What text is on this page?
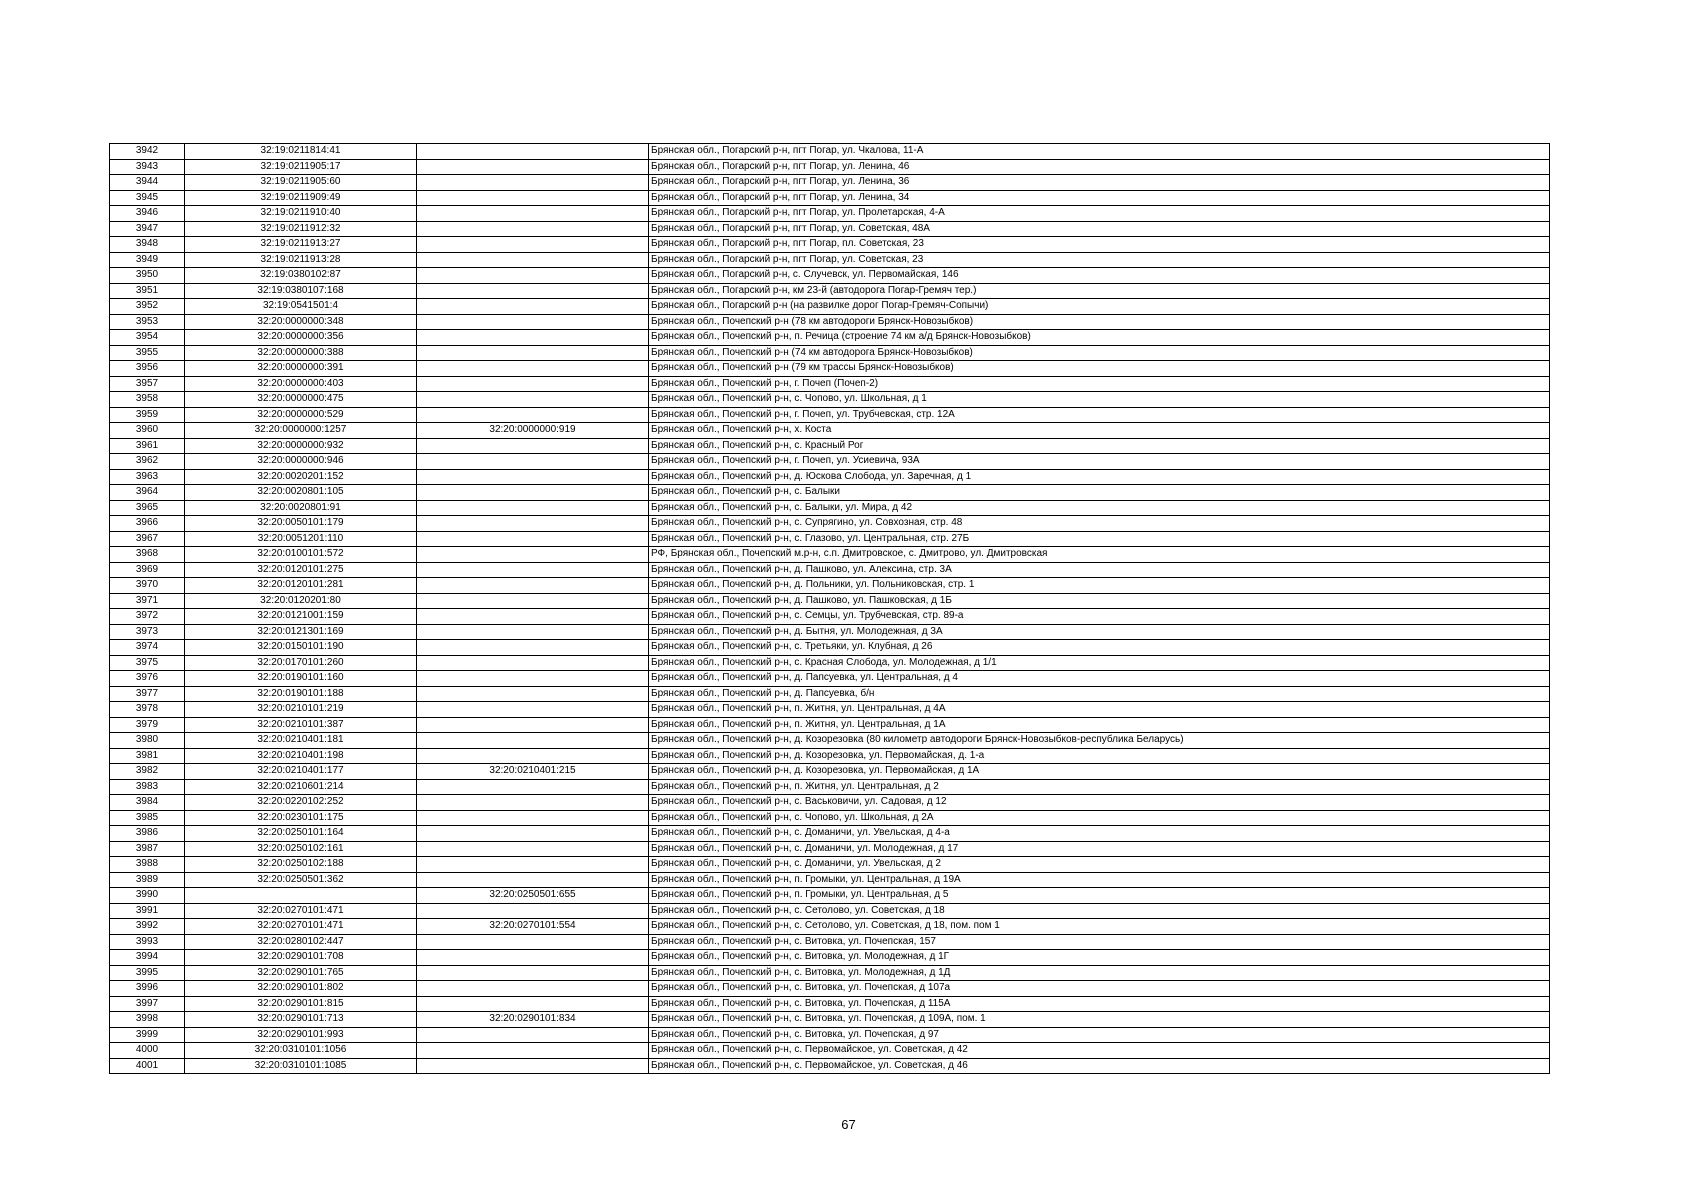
3942	32:19:0211814:41		Брянская обл., Погарский р-н, пгт Погар, ул. Чкалова, 11-А
3943	32:19:0211905:17		Брянская обл., Погарский р-н, пгт Погар, ул. Ленина, 46
3944	32:19:0211905:60		Брянская обл., Погарский р-н, пгт Погар, ул. Ленина, 36
3945	32:19:0211909:49		Брянская обл., Погарский р-н, пгт Погар, ул. Ленина, 34
3946	32:19:0211910:40		Брянская обл., Погарский р-н, пгт Погар, ул. Пролетарская, 4-А
3947	32:19:0211912:32		Брянская обл., Погарский р-н, пгт Погар, ул. Советская, 48А
3948	32:19:0211913:27		Брянская обл., Погарский р-н, пгт Погар, пл. Советская, 23
3949	32:19:0211913:28		Брянская обл., Погарский р-н, пгт Погар, ул. Советская, 23
3950	32:19:0380102:87		Брянская обл., Погарский р-н, с. Случевск, ул. Первомайская, 146
3951	32:19:0380107:168		Брянская обл., Погарский р-н, км 23-й (автодорога Погар-Гремяч тер.)
3952	32:19:0541501:4		Брянская обл., Погарский р-н (на развилке дорог Погар-Гремяч-Сопычи)
3953	32:20:0000000:348		Брянская обл., Почепский р-н (78 км автодороги Брянск-Новозыбков)
3954	32:20:0000000:356		Брянская обл., Почепский р-н, п. Речица (строение 74 км а/д Брянск-Новозыбков)
3955	32:20:0000000:388		Брянская обл., Почепский р-н (74 км автодорога Брянск-Новозыбков)
3956	32:20:0000000:391		Брянская обл., Почепский р-н (79 км трассы Брянск-Новозыбков)
3957	32:20:0000000:403		Брянская обл., Почепский р-н, г. Почеп (Почеп-2)
3958	32:20:0000000:475		Брянская обл., Почепский р-н, с. Чопово, ул. Школьная, д 1
3959	32:20:0000000:529		Брянская обл., Почепский р-н, г. Почеп, ул. Трубчевская, стр. 12А
3960	32:20:0000000:1257	32:20:0000000:919	Брянская обл., Почепский р-н, х. Коста
3961	32:20:0000000:932		Брянская обл., Почепский р-н, с. Красный Рог
3962	32:20:0000000:946		Брянская обл., Почепский р-н, г. Почеп, ул. Усиевича, 93А
3963	32:20:0020201:152		Брянская обл., Почепский р-н, д. Юскова Слобода, ул. Заречная, д 1
3964	32:20:0020801:105		Брянская обл., Почепский р-н, с. Балыки
3965	32:20:0020801:91		Брянская обл., Почепский р-н, с. Балыки, ул. Мира, д 42
3966	32:20:0050101:179		Брянская обл., Почепский р-н, с. Супрягино, ул. Совхозная, стр. 48
3967	32:20:0051201:110		Брянская обл., Почепский р-н, с. Глазово, ул. Центральная, стр. 27Б
3968	32:20:0100101:572		РФ, Брянская обл., Почепский м.р-н, с.п. Дмитровское, с. Дмитрово, ул. Дмитровская
3969	32:20:0120101:275		Брянская обл., Почепский р-н, д. Пашково, ул. Алексина, стр. 3А
3970	32:20:0120101:281		Брянская обл., Почепский р-н, д. Польники, ул. Польниковская, стр. 1
3971	32:20:0120201:80		Брянская обл., Почепский р-н, д. Пашково, ул. Пашковская, д 1Б
3972	32:20:0121001:159		Брянская обл., Почепский р-н, с. Семцы, ул. Трубчевская, стр. 89-а
3973	32:20:0121301:169		Брянская обл., Почепский р-н, д. Бытня, ул. Молодежная, д 3А
3974	32:20:0150101:190		Брянская обл., Почепский р-н, с. Третьяки, ул. Клубная, д 26
3975	32:20:0170101:260		Брянская обл., Почепский р-н, с. Красная Слобода, ул. Молодежная, д 1/1
3976	32:20:0190101:160		Брянская обл., Почепский р-н, д. Папсуевка, ул. Центральная, д 4
3977	32:20:0190101:188		Брянская обл., Почепский р-н, д. Папсуевка, б/н
3978	32:20:0210101:219		Брянская обл., Почепский р-н, п. Житня, ул. Центральная, д 4А
3979	32:20:0210101:387		Брянская обл., Почепский р-н, п. Житня, ул. Центральная, д 1А
3980	32:20:0210401:181		Брянская обл., Почепский р-н, д. Козорезовка (80 километр автодороги Брянск-Новозыбков-республика Беларусь)
3981	32:20:0210401:198		Брянская обл., Почепский р-н, д. Козорезовка, ул. Первомайская, д. 1-а
3982	32:20:0210401:177	32:20:0210401:215	Брянская обл., Почепский р-н, д. Козорезовка, ул. Первомайская, д 1А
3983	32:20:0210601:214		Брянская обл., Почепский р-н, п. Житня, ул. Центральная, д 2
3984	32:20:0220102:252		Брянская обл., Почепский р-н, с. Васьковичи, ул. Садовая, д 12
3985	32:20:0230101:175		Брянская обл., Почепский р-н, с. Чопово, ул. Школьная, д 2А
3986	32:20:0250101:164		Брянская обл., Почепский р-н, с. Доманичи, ул. Увельская, д 4-а
3987	32:20:0250102:161		Брянская обл., Почепский р-н, с. Доманичи, ул. Молодежная, д 17
3988	32:20:0250102:188		Брянская обл., Почепский р-н, с. Доманичи, ул. Увельская, д 2
3989	32:20:0250501:362		Брянская обл., Почепский р-н, п. Громыки, ул. Центральная, д 19А
3990		32:20:0250501:655	Брянская обл., Почепский р-н, п. Громыки, ул. Центральная, д 5
3991	32:20:0270101:471		Брянская обл., Почепский р-н, с. Сетолово, ул. Советская, д 18
3992	32:20:0270101:471	32:20:0270101:554	Брянская обл., Почепский р-н, с. Сетолово, ул. Советская, д 18, пом. пом 1
3993	32:20:0280102:447		Брянская обл., Почепский р-н, с. Витовка, ул. Почепская, 157
3994	32:20:0290101:708		Брянская обл., Почепский р-н, с. Витовка, ул. Молодежная, д 1Г
3995	32:20:0290101:765		Брянская обл., Почепский р-н, с. Витовка, ул. Молодежная, д 1Д
3996	32:20:0290101:802		Брянская обл., Почепский р-н, с. Витовка, ул. Почепская, д 107а
3997	32:20:0290101:815		Брянская обл., Почепский р-н, с. Витовка, ул. Почепская, д 115А
3998	32:20:0290101:713	32:20:0290101:834	Брянская обл., Почепский р-н, с. Витовка, ул. Почепская, д 109А, пом. 1
3999	32:20:0290101:993		Брянская обл., Почепский р-н, с. Витовка, ул. Почепская, д 97
4000	32:20:0310101:1056		Брянская обл., Почепский р-н, с. Первомайское, ул. Советская, д 42
4001	32:20:0310101:1085		Брянская обл., Почепский р-н, с. Первомайское, ул. Советская, д 46
67
